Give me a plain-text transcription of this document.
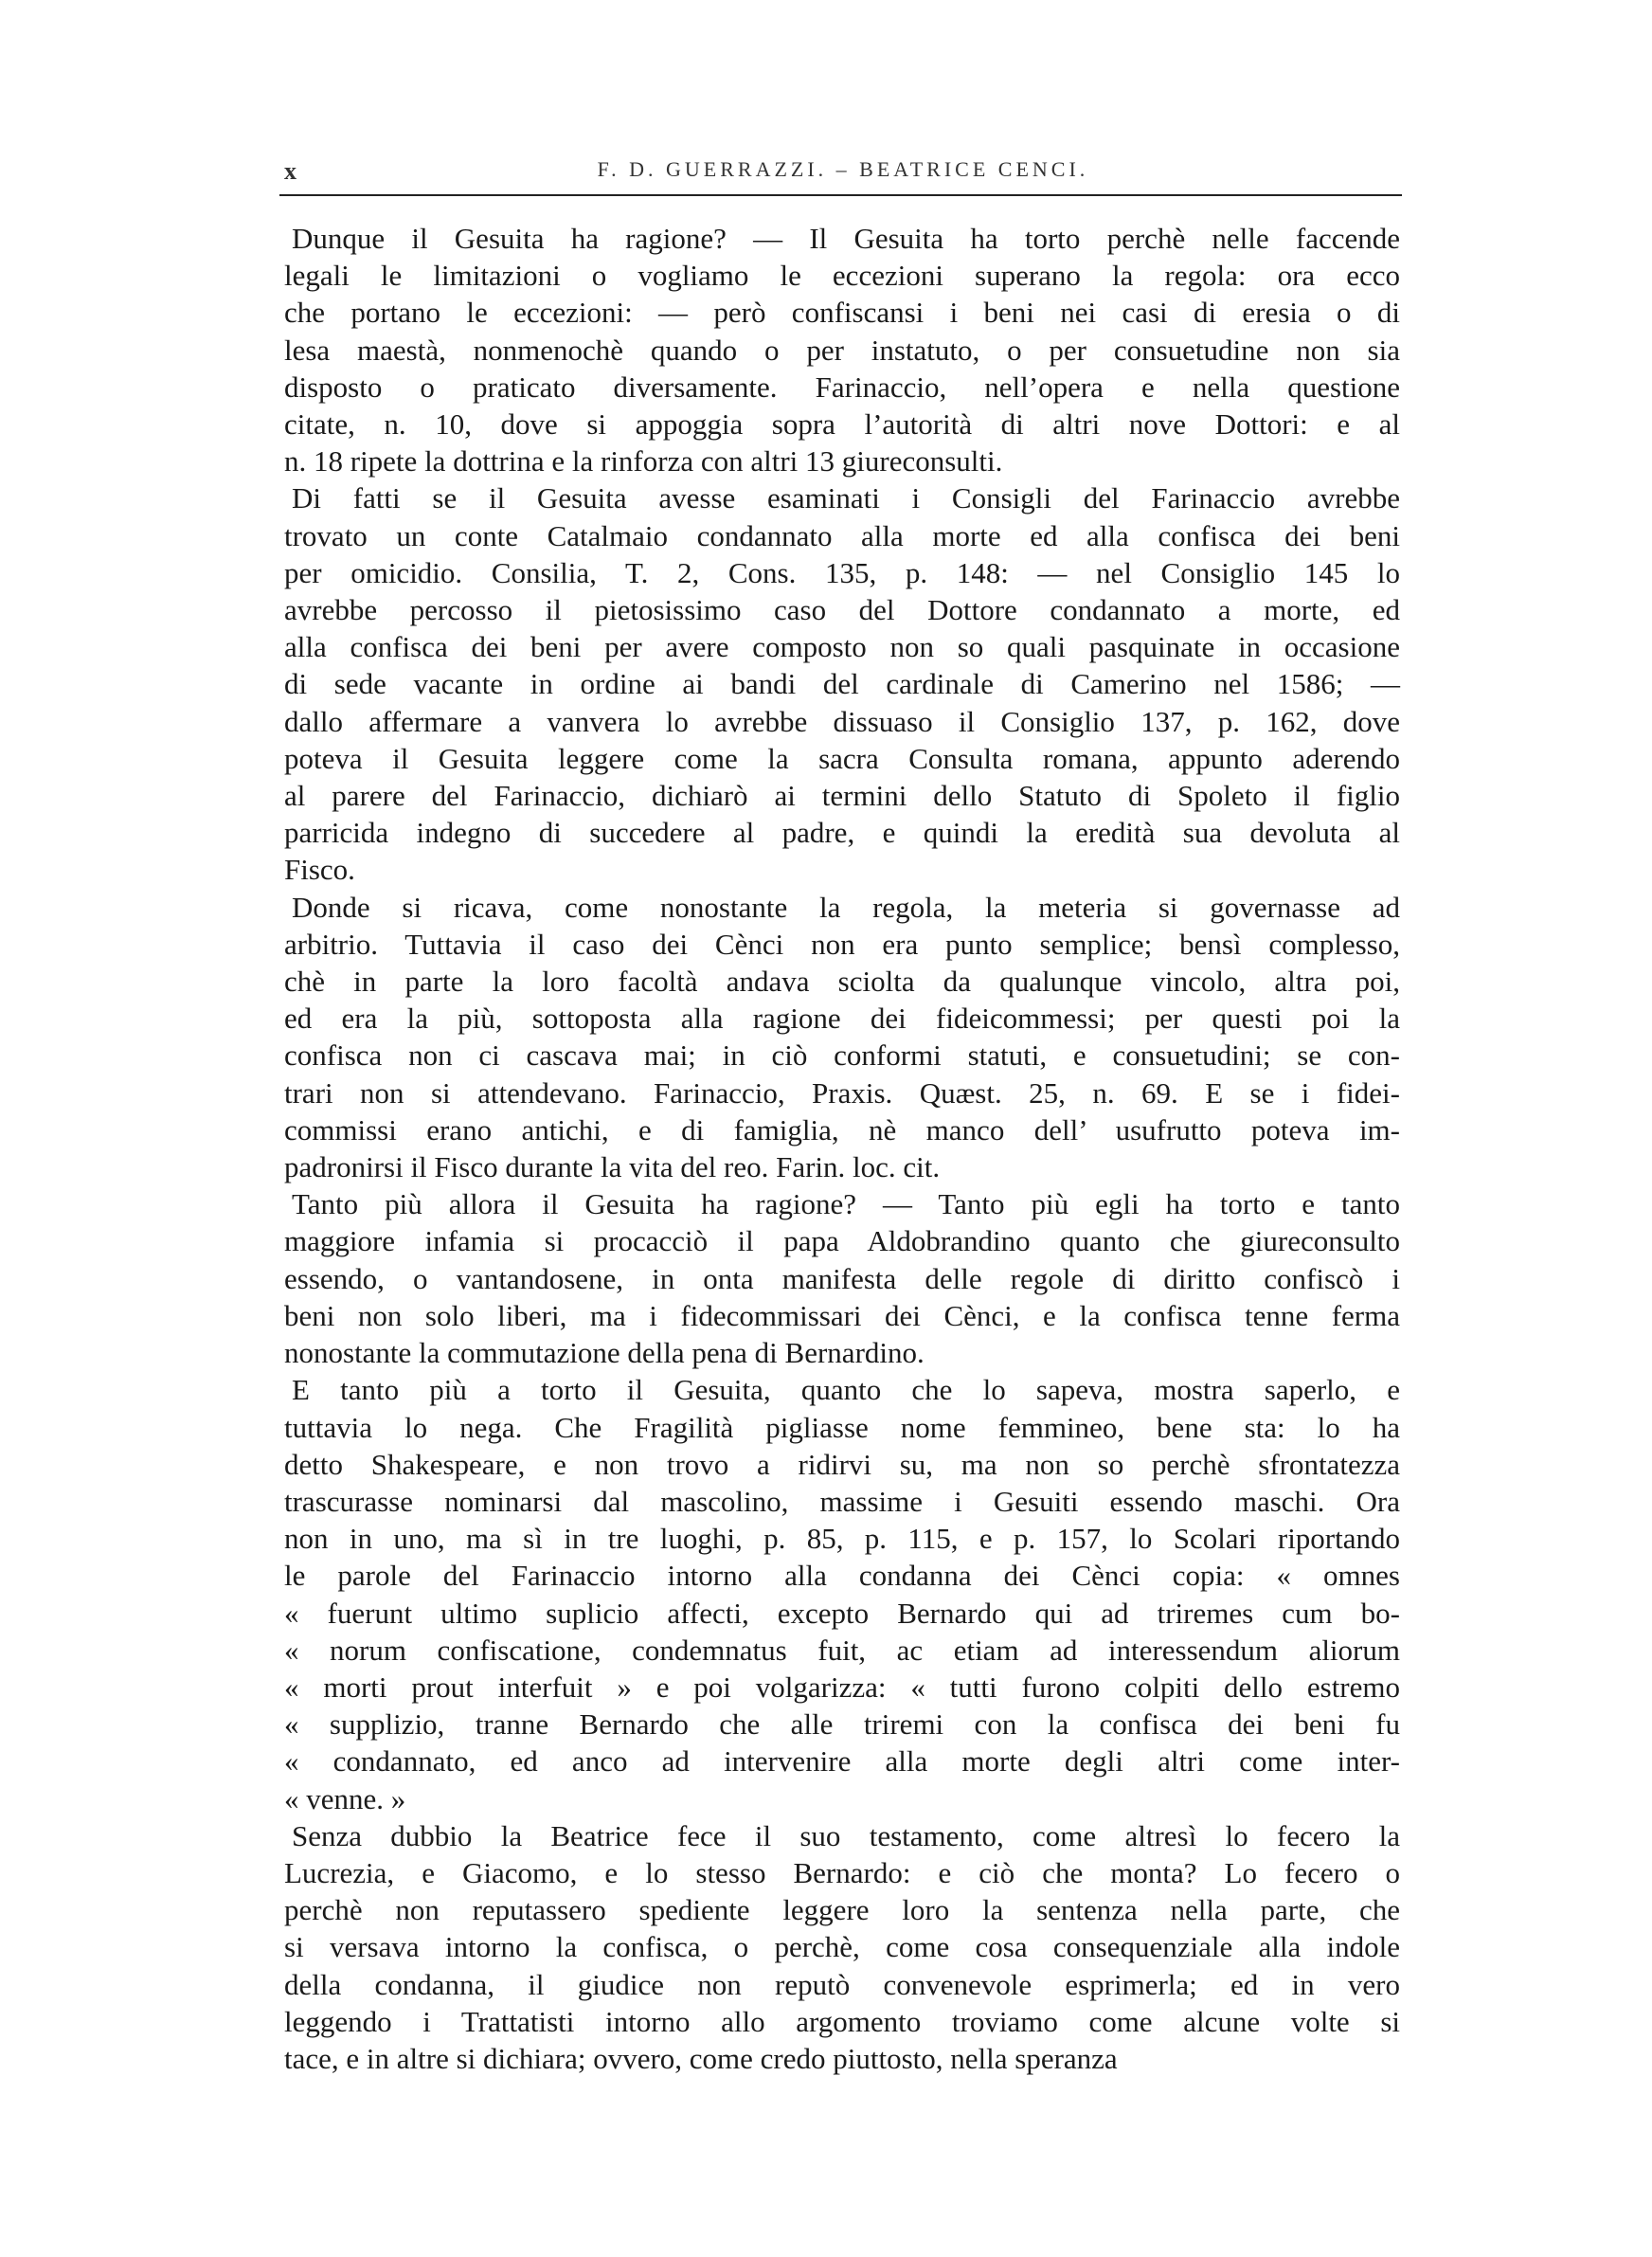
x	F. D. GUERRAZZI. – BEATRICE CENCI.

Dunque il Gesuita ha ragione? — Il Gesuita ha torto perchè nelle faccende
legali le limitazioni o vogliamo le eccezioni superano la regola: ora ecco
che portano le eccezioni: — però confiscansi i beni nei casi di eresia o di
lesa maestà, nonmenochè quando o per instatuto, o per consuetudine non sia
disposto o praticato diversamente. Farinaccio, nell’opera e nella questione
citate, n. 10, dove si appoggia sopra l’autorità di altri nove Dottori: e al
n. 18 ripete la dottrina e la rinforza con altri 13 giureconsulti.

Di fatti se il Gesuita avesse esaminati i Consigli del Farinaccio avrebbe
trovato un conte Catalmaio condannato alla morte ed alla confisca dei beni
per omicidio. Consilia, T. 2, Cons. 135, p. 148: — nel Consiglio 145 lo
avrebbe percosso il pietosissimo caso del Dottore condannato a morte, ed
alla confisca dei beni per avere composto non so quali pasquinate in occasione
di sede vacante in ordine ai bandi del cardinale di Camerino nel 1586; —
dallo affermare a vanvera lo avrebbe dissuaso il Consiglio 137, p. 162, dove
poteva il Gesuita leggere come la sacra Consulta romana, appunto aderendo
al parere del Farinaccio, dichiarò ai termini dello Statuto di Spoleto il figlio
parricida indegno di succedere al padre, e quindi la eredità sua devoluta al
Fisco.

Donde si ricava, come nonostante la regola, la meteria si governasse ad
arbitrio. Tuttavia il caso dei Cènci non era punto semplice; bensì complesso,
chè in parte la loro facoltà andava sciolta da qualunque vincolo, altra poi,
ed era la più, sottoposta alla ragione dei fideicommessi; per questi poi la
confisca non ci cascava mai; in ciò conformi statuti, e consuetudini; se con-
trari non si attendevano. Farinaccio, Praxis. Quæst. 25, n. 69. E se i fidei-
commissi erano antichi, e di famiglia, nè manco dell’ usufrutto poteva im-
padronirsi il Fisco durante la vita del reo. Farin. loc. cit.

Tanto più allora il Gesuita ha ragione? — Tanto più egli ha torto e tanto
maggiore infamia si procacciò il papa Aldobrandino quanto che giureconsulto
essendo, o vantandosene, in onta manifesta delle regole di diritto confiscò i
beni non solo liberi, ma i fidecommissari dei Cènci, e la confisca tenne ferma
nonostante la commutazione della pena di Bernardino.

E tanto più a torto il Gesuita, quanto che lo sapeva, mostra saperlo, e
tuttavia lo nega. Che Fragilità pigliasse nome femmineo, bene sta: lo ha
detto Shakespeare, e non trovo a ridirvi su, ma non so perchè sfrontatezza
trascurasse nominarsi dal mascolino, massime i Gesuiti essendo maschi. Ora
non in uno, ma sì in tre luoghi, p. 85, p. 115, e p. 157, lo Scolari riportando
le parole del Farinaccio intorno alla condanna dei Cènci copia: « omnes
« fuerunt ultimo suplicio affecti, excepto Bernardo qui ad triremes cum bo-
« norum confiscatione, condemnatus fuit, ac etiam ad interessendum aliorum
« morti prout interfuit » e poi volgarizza: « tutti furono colpiti dello estremo
« supplizio, tranne Bernardo che alle triremi con la confisca dei beni fu
« condannato, ed anco ad intervenire alla morte degli altri come inter-
« venne. »

Senza dubbio la Beatrice fece il suo testamento, come altresì lo fecero la
Lucrezia, e Giacomo, e lo stesso Bernardo: e ciò che monta? Lo fecero o
perchè non reputassero spediente leggere loro la sentenza nella parte, che
si versava intorno la confisca, o perchè, come cosa consequenziale alla indole
della condanna, il giudice non reputò convenevole esprimerla; ed in vero
leggendo i Trattatisti intorno allo argomento troviamo come alcune volte si
tace, e in altre si dichiara; ovvero, come credo piuttosto, nella speranza
